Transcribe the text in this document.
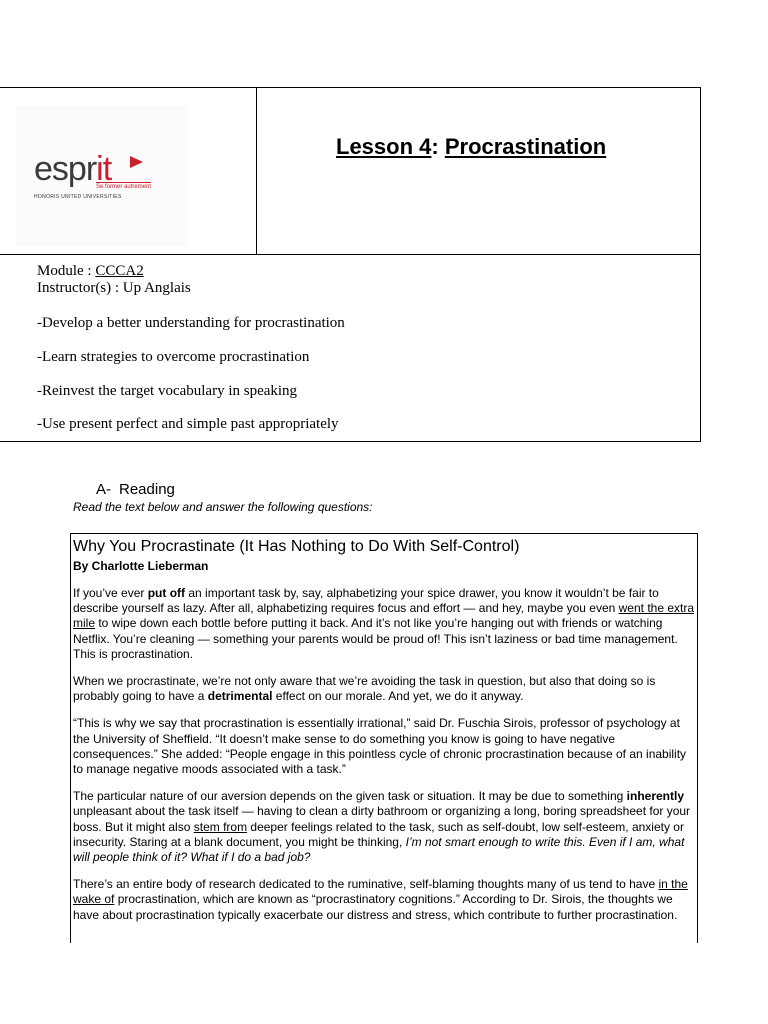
esprit
Se former autrement
HONORIS UNITED UNIVERSITIES
Lesson 4: Procrastination
Module : CCCA2
Instructor(s) : Up Anglais
-Develop a better understanding for procrastination
-Learn strategies to overcome procrastination
-Reinvest the target vocabulary in speaking
-Use present perfect and simple past appropriately
A- Reading
Read the text below and answer the following questions:
Why You Procrastinate (It Has Nothing to Do With Self-Control)
By Charlotte Lieberman

If you’ve ever put off an important task by, say, alphabetizing your spice drawer, you know it wouldn’t be fair to describe yourself as lazy. After all, alphabetizing requires focus and effort — and hey, maybe you even went the extra mile to wipe down each bottle before putting it back. And it’s not like you’re hanging out with friends or watching Netflix. You’re cleaning — something your parents would be proud of! This isn’t laziness or bad time management. This is procrastination.

When we procrastinate, we’re not only aware that we’re avoiding the task in question, but also that doing so is probably going to have a detrimental effect on our morale. And yet, we do it anyway.

“This is why we say that procrastination is essentially irrational,” said Dr. Fuschia Sirois, professor of psychology at the University of Sheffield. “It doesn’t make sense to do something you know is going to have negative consequences.” She added: “People engage in this pointless cycle of chronic procrastination because of an inability to manage negative moods associated with a task.”

The particular nature of our aversion depends on the given task or situation. It may be due to something inherently unpleasant about the task itself — having to clean a dirty bathroom or organizing a long, boring spreadsheet for your boss. But it might also stem from deeper feelings related to the task, such as self-doubt, low self-esteem, anxiety or insecurity. Staring at a blank document, you might be thinking, I’m not smart enough to write this. Even if I am, what will people think of it? What if I do a bad job?

There’s an entire body of research dedicated to the ruminative, self-blaming thoughts many of us tend to have in the wake of procrastination, which are known as “procrastinatory cognitions.” According to Dr. Sirois, the thoughts we have about procrastination typically exacerbate our distress and stress, which contribute to further procrastination.
